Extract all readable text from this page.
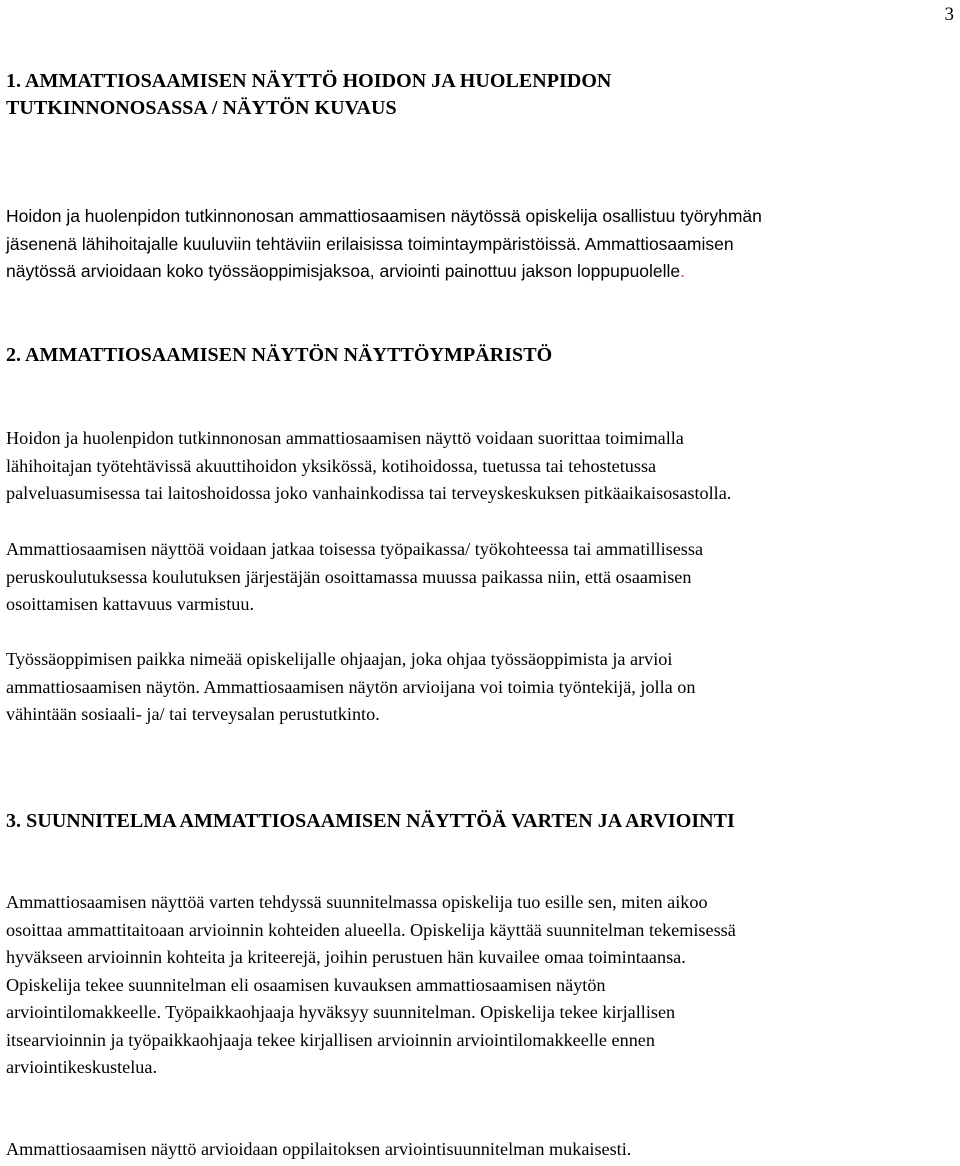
3
1. AMMATTIOSAAMISEN NÄYTTÖ HOIDON JA HUOLENPIDON
TUTKINNONOSASSA / NÄYTÖN KUVAUS
Hoidon ja huolenpidon tutkinnonosan ammattiosaamisen näytössä opiskelija osallistuu työryhmän
jäsenenä lähihoitajalle kuuluviin tehtäviin erilaisissa toimintaympäristöissä. Ammattiosaamisen
näytössä arvioidaan koko työssäoppimisjaksoa, arviointi painottuu jakson loppupuolelle.
2. AMMATTIOSAAMISEN NÄYTÖN NÄYTTÖYMPÄRISTÖ
Hoidon ja huolenpidon tutkinnonosan ammattiosaamisen näyttö voidaan suorittaa toimimalla
lähihoitajan työtehtävissä akuuttihoidon yksikössä, kotihoidossa, tuetussa tai tehostetussa
palveluasumisessa tai laitoshoidossa joko vanhainkodissa tai terveyskeskuksen pitkäaikaisosastolla.
Ammattiosaamisen näyttöä voidaan jatkaa toisessa työpaikassa/ työkohteessa tai ammatillisessa
peruskoulutuksessa koulutuksen järjestäjän osoittamassa muussa paikassa niin, että osaamisen
osoittamisen kattavuus varmistuu.
Työssäoppimisen paikka nimeää opiskelijalle ohjaajan, joka ohjaa työssäoppimista ja arvioi
ammattiosaamisen näytön. Ammattiosaamisen näytön arvioijana voi toimia työntekijä, jolla on
vähintään sosiaali- ja/ tai terveysalan perustutkinto.
3. SUUNNITELMA AMMATTIOSAAMISEN NÄYTTÖÄ VARTEN JA ARVIOINTI
Ammattiosaamisen näyttöä varten tehdyssä suunnitelmassa opiskelija tuo esille sen, miten aikoo
osoittaa ammattitaitoaan arvioinnin kohteiden alueella. Opiskelija käyttää suunnitelman tekemisessä
hyväkseen arvioinnin kohteita ja kriteerejä, joihin perustuen hän kuvailee omaa toimintaansa.
Opiskelija tekee suunnitelman eli osaamisen kuvauksen ammattiosaamisen näytön
arviointilomakkeelle. Työpaikkaohjaaja hyväksyy suunnitelman. Opiskelija tekee kirjallisen
itsearvioinnin ja työpaikkaohjaaja tekee kirjallisen arvioinnin arviointilomakkeelle ennen
arviointikeskustelua.
Ammattiosaamisen näyttö arvioidaan oppilaitoksen arviointisuunnitelman mukaisesti.
